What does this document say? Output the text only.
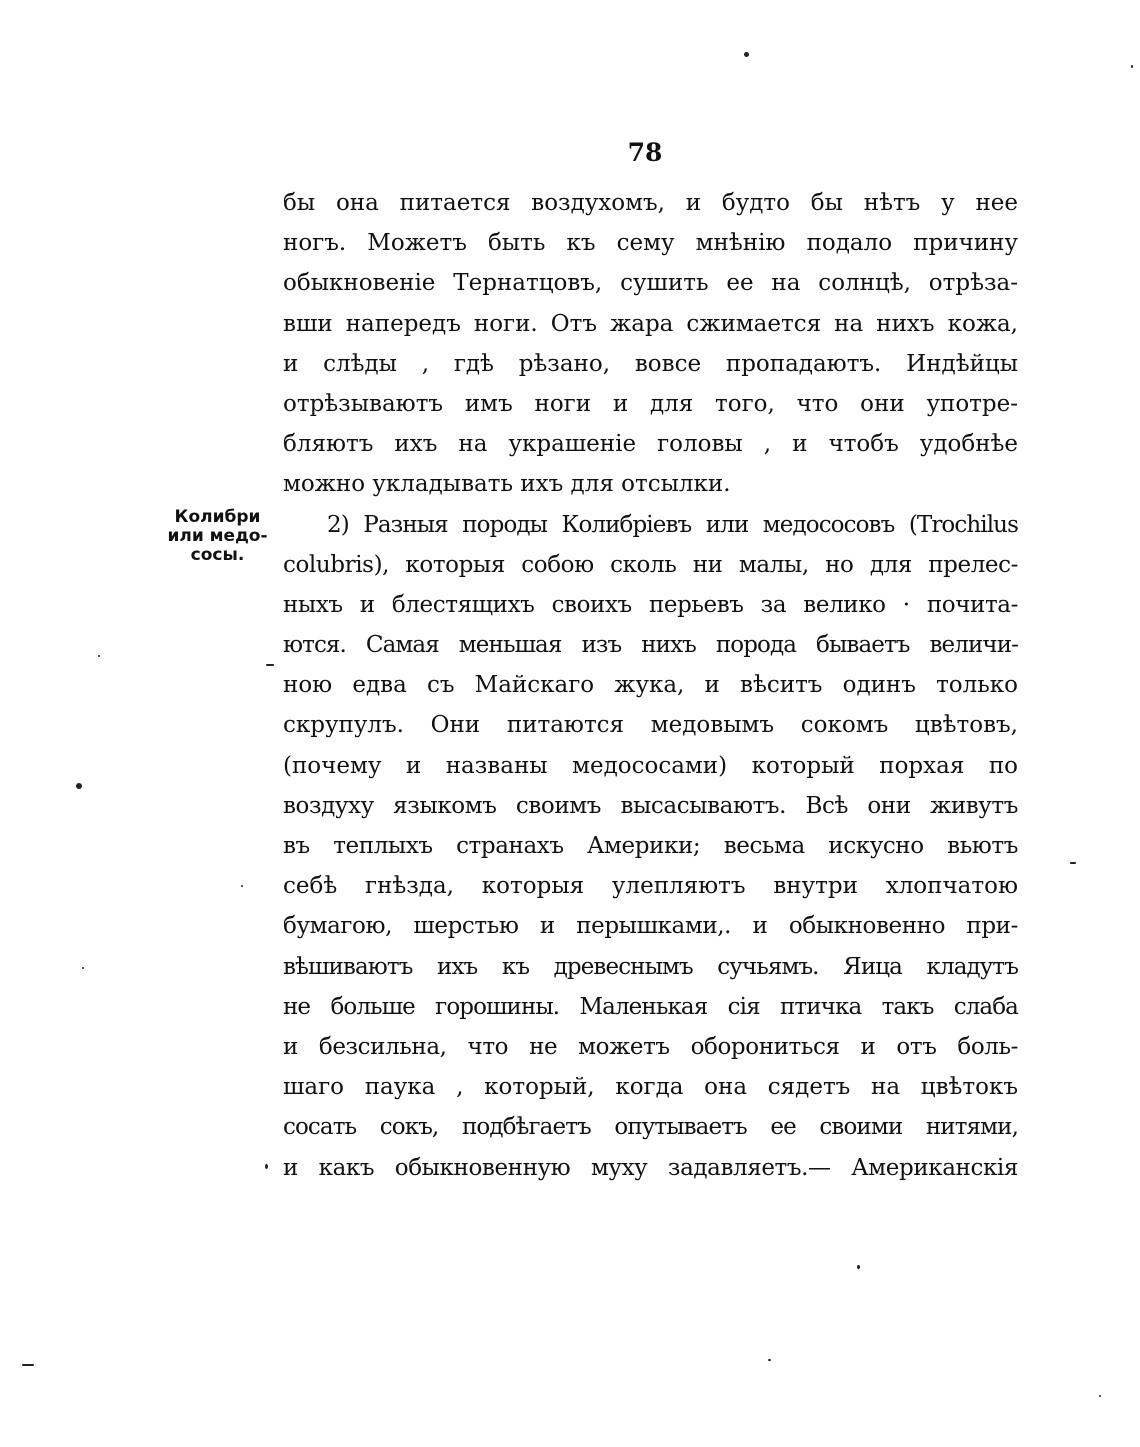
78
Колибри
или медо-
сосы.
бы она питается воздухомъ, и будто бы нѣтъ у нее
ногъ. Можетъ быть къ сему мнѣнію подало причину
обыкновеніе Тернатцовъ, сушить ее на солнцѣ, отрѣза-
вши напередъ ноги. Отъ жара сжимается на нихъ кожа,
и слѣды , гдѣ рѣзано, вовсе пропадаютъ. Индѣйцы
отрѣзываютъ имъ ноги и для того, что они употре-
бляютъ ихъ на украшеніе головы , и чтобъ удобнѣе
можно укладывать ихъ для отсылки.
2) Разныя породы Колибріевъ или медососовъ (Trochilus
colubris), которыя собою сколь ни малы, но для прелес-
ныхъ и блестящихъ своихъ перьевъ за велико · почита-
ются. Самая меньшая изъ нихъ порода бываетъ величи-
ною едва съ Майскаго жука, и вѣситъ одинъ только
скрупулъ. Они питаются медовымъ сокомъ цвѣтовъ,
(почему и названы медососами) который порхая по
воздуху языкомъ своимъ высасываютъ. Всѣ они живутъ
въ теплыхъ странахъ Америки; весьма искусно вьютъ
себѣ гнѣзда, которыя улепляютъ внутри хлопчатою
бумагою, шерстью и перышками,. и обыкновенно при-
вѣшиваютъ ихъ къ древеснымъ сучьямъ. Яица кладутъ
не больше горошины. Маленькая сія птичка такъ слаба
и безсильна, что не можетъ оборониться и отъ боль-
шаго паука , который, когда она сядетъ на цвѣтокъ
сосать сокъ, подбѣгаетъ опутываетъ ее своими нитями,
и какъ обыкновенную муху задавляетъ.— Американскія
